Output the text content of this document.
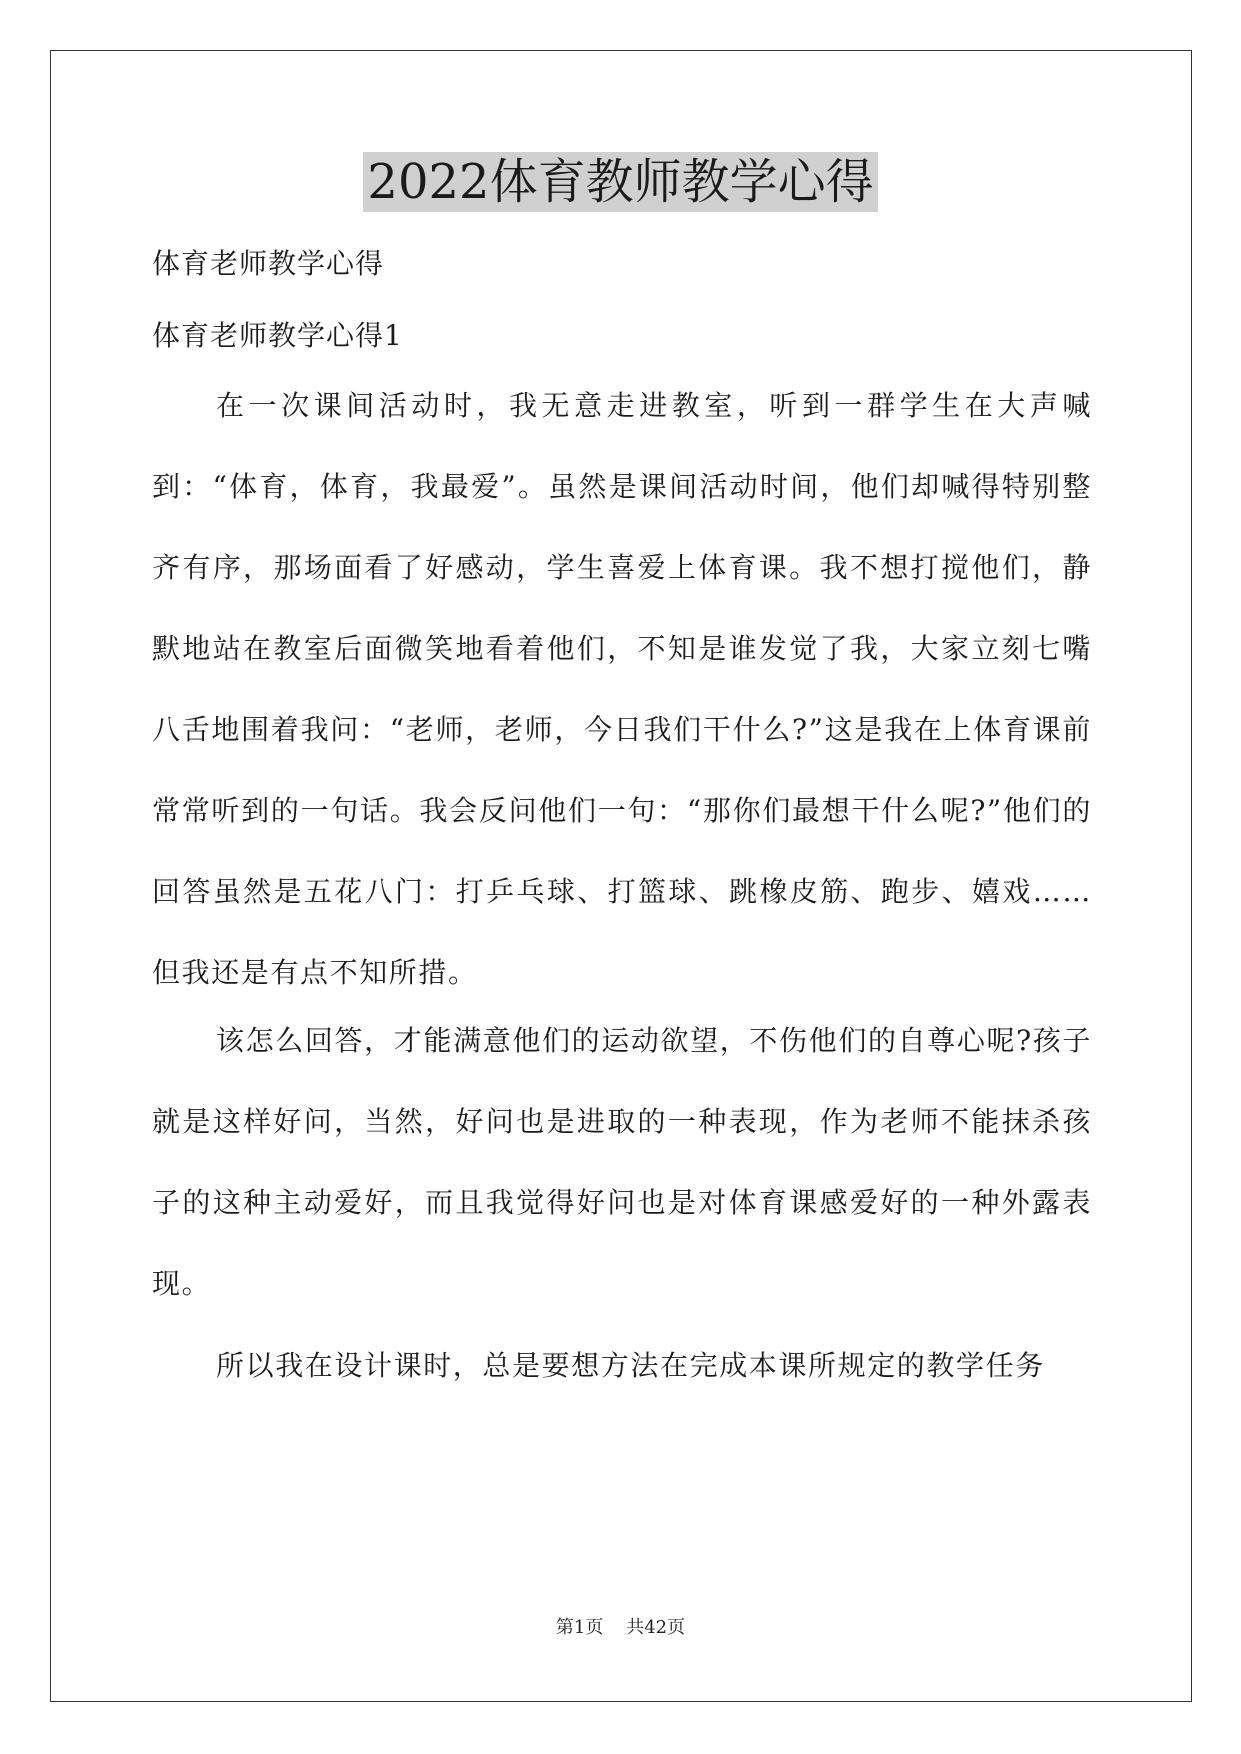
2022体育教师教学心得
体育老师教学心得
体育老师教学心得1

在一次课间活动时，我无意走进教室，听到一群学生在大声喊到：“体育，体育，我最爱”。虽然是课间活动时间，他们却喊得特别整齐有序，那场面看了好感动，学生喜爱上体育课。我不想打搅他们，静默地站在教室后面微笑地看着他们，不知是谁发觉了我，大家立刻七嘴八舌地围着我问：“老师，老师，今日我们干什么?”这是我在上体育课前常常听到的一句话。我会反问他们一句：“那你们最想干什么呢?”他们的回答虽然是五花八门：打乒乓球、打篮球、跳橡皮筋、跑步、嬉戏……但我还是有点不知所措。

该怎么回答，才能满意他们的运动欲望，不伤他们的自尊心呢?孩子就是这样好问，当然，好问也是进取的一种表现，作为老师不能抹杀孩子的这种主动爱好，而且我觉得好问也是对体育课感爱好的一种外露表现。

所以我在设计课时，总是要想方法在完成本课所规定的教学任务

第1页    共42页
